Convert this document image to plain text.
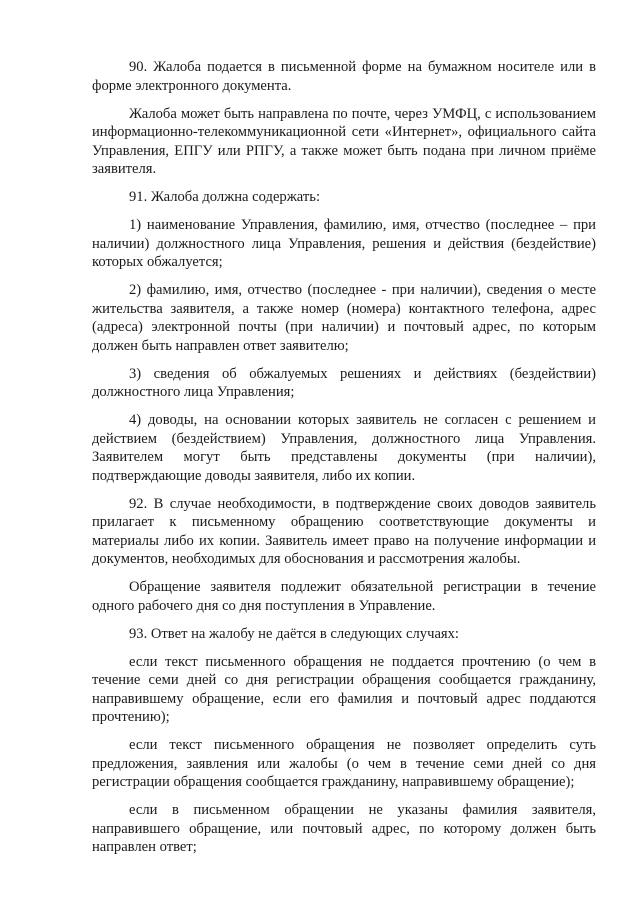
90. Жалоба подается в письменной форме на бумажном носителе или в форме электронного документа.

Жалоба может быть направлена по почте, через УМФЦ, с использованием информационно-телекоммуникационной сети «Интернет», официального сайта Управления, ЕПГУ или РПГУ, а также может быть подана при личном приёме заявителя.

91. Жалоба должна содержать:

1) наименование Управления, фамилию, имя, отчество (последнее – при наличии) должностного лица Управления, решения и действия (бездействие) которых обжалуется;

2) фамилию, имя, отчество (последнее - при наличии), сведения о месте жительства заявителя, а также номер (номера) контактного телефона, адрес (адреса) электронной почты (при наличии) и почтовый адрес, по которым должен быть направлен ответ заявителю;

3) сведения об обжалуемых решениях и действиях (бездействии) должностного лица Управления;

4) доводы, на основании которых заявитель не согласен с решением и действием (бездействием) Управления, должностного лица Управления. Заявителем могут быть представлены документы (при наличии), подтверждающие доводы заявителя, либо их копии.

92. В случае необходимости, в подтверждение своих доводов заявитель прилагает к письменному обращению соответствующие документы и материалы либо их копии. Заявитель имеет право на получение информации и документов, необходимых для обоснования и рассмотрения жалобы.

Обращение заявителя подлежит обязательной регистрации в течение одного рабочего дня со дня поступления в Управление.

93. Ответ на жалобу не даётся в следующих случаях:

если текст письменного обращения не поддается прочтению (о чем в течение семи дней со дня регистрации обращения сообщается гражданину, направившему обращение, если его фамилия и почтовый адрес поддаются прочтению);

если текст письменного обращения не позволяет определить суть предложения, заявления или жалобы (о чем в течение семи дней со дня регистрации обращения сообщается гражданину, направившему обращение);

если в письменном обращении не указаны фамилия заявителя, направившего обращение, или почтовый адрес, по которому должен быть направлен ответ;
